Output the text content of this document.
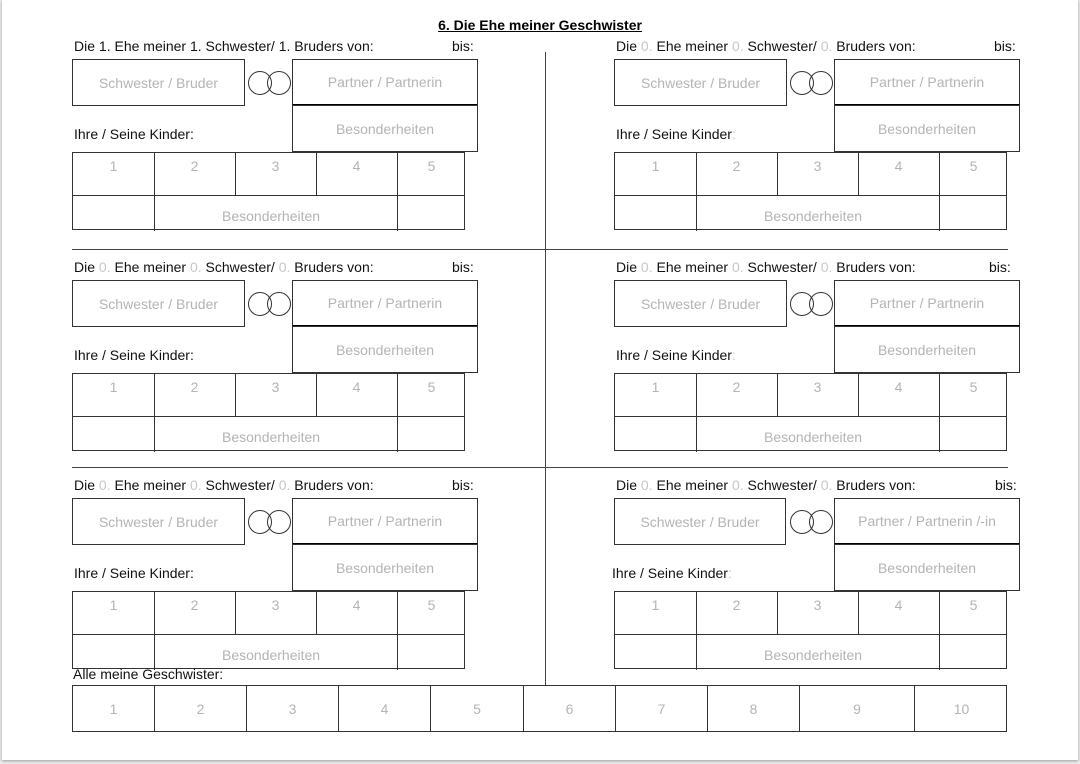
6. Die Ehe meiner Geschwister
Die 1. Ehe meiner 1. Schwester/ 1. Bruders von:	bis:
Schwester / Bruder	Partner / Partnerin
Besonderheiten
Ihre / Seine Kinder:
1	2	3	4	5
Besonderheiten
Die 0. Ehe meiner 0. Schwester/ 0. Bruders von:	bis:
Schwester / Bruder	Partner / Partnerin
Besonderheiten
Ihre / Seine Kinder:
1	2	3	4	5
Besonderheiten
Die 0. Ehe meiner 0. Schwester/ 0. Bruders von:	bis:
Schwester / Bruder	Partner / Partnerin
Besonderheiten
Ihre / Seine Kinder:
1	2	3	4	5
Besonderheiten
Die 0. Ehe meiner 0. Schwester/ 0. Bruders von:	bis:
Schwester / Bruder	Partner / Partnerin
Besonderheiten
Ihre / Seine Kinder:
1	2	3	4	5
Besonderheiten
Die 0. Ehe meiner 0. Schwester/ 0. Bruders von:	bis:
Schwester / Bruder	Partner / Partnerin
Besonderheiten
Ihre / Seine Kinder:
1	2	3	4	5
Besonderheiten
Die 0. Ehe meiner 0. Schwester/ 0. Bruders von:	bis:
Schwester / Bruder	Partner / Partnerin /-in
Besonderheiten
Ihre / Seine Kinder:
1	2	3	4	5
Besonderheiten
Alle meine Geschwister:
1	2	3	4	5	6	7	8	9	10
